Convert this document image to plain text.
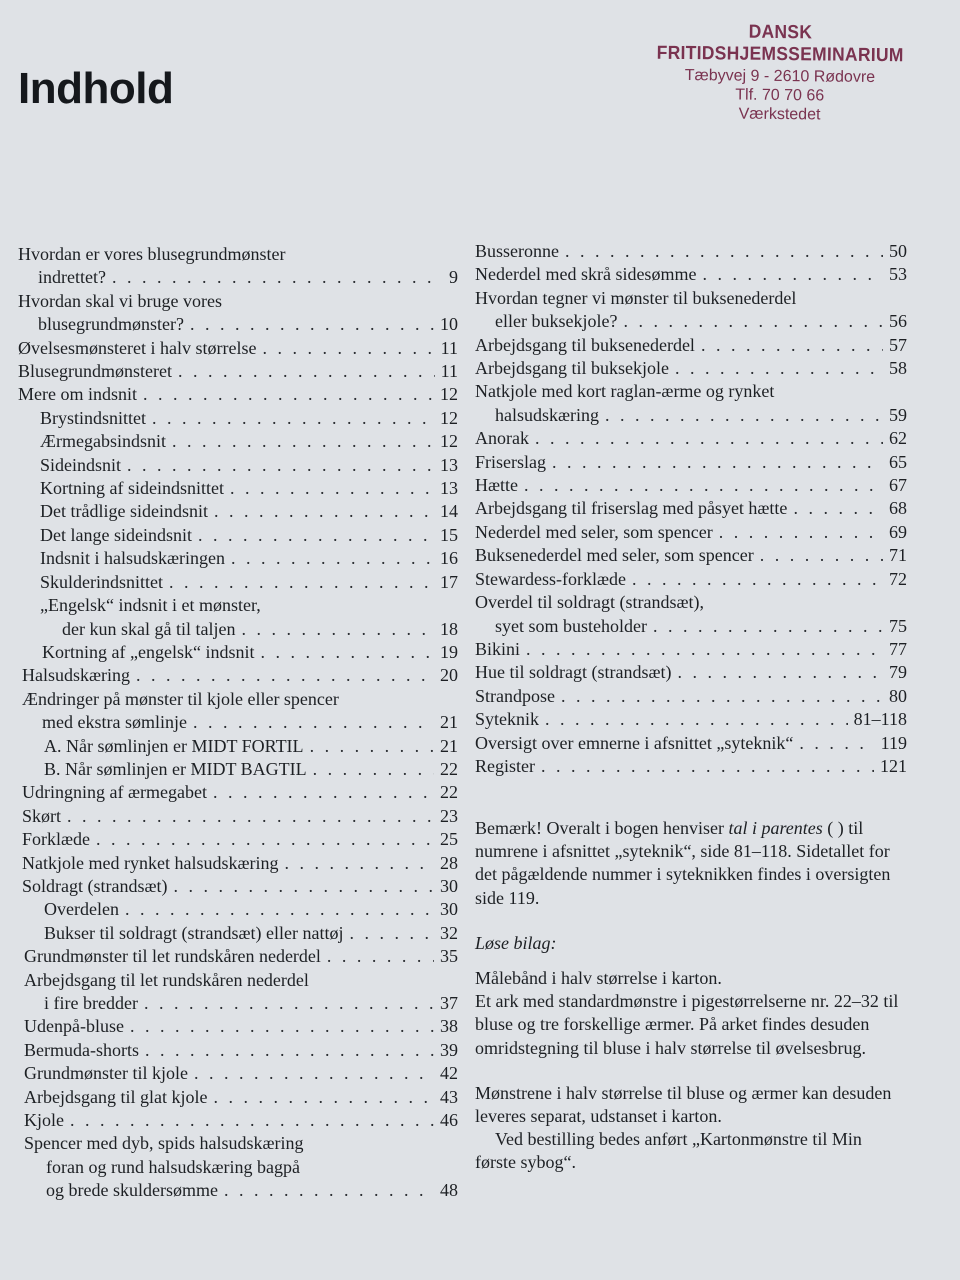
Indhold
DANSK FRITIDSHJEMSSEMINARIUM
Tæbyvej 9 - 2610 Rødovre
Tlf. 70 70 66
Værkstedet
Hvordan er vores blusegrundmønster
indrettet? . . .	9
Hvordan skal vi bruge vores
blusegrundmønster? . . .	10
Øvelsesmønsteret i halv størrelse . . .	11
Blusegrundmønsteret . . .	11
Mere om indsnit . . .	12
Brystindsnittet . . .	12
Ærmegabsindsnit . . .	12
Sideindsnit . . .	13
Kortning af sideindsnittet . . .	13
Det trådlige sideindsnit . . .	14
Det lange sideindsnit . . .	15
Indsnit i halsudskæringen . . .	16
Skulderindsnittet . . .	17
„Engelsk“ indsnit i et mønster,
der kun skal gå til taljen . . .	18
Kortning af „engelsk“ indsnit . . .	19
Halsudskæring . . .	20
Ændringer på mønster til kjole eller spencer
med ekstra sømlinje . . .	21
A. Når sømlinjen er MIDT FORTIL . . .	21
B. Når sømlinjen er MIDT BAGTIL . . .	22
Udringning af ærmegabet . . .	22
Skørt . . .	23
Forklæde . . .	25
Natkjole med rynket halsudskæring . . .	28
Soldragt (strandsæt) . . .	30
Overdelen . . .	30
Bukser til soldragt (strandsæt) eller nattøj . . .	32
Grundmønster til let rundskåren nederdel . . .	35
Arbejdsgang til let rundskåren nederdel
i fire bredder . . .	37
Udenpå-bluse . . .	38
Bermuda-shorts . . .	39
Grundmønster til kjole . . .	42
Arbejdsgang til glat kjole . . .	43
Kjole . . .	46
Spencer med dyb, spids halsudskæring
foran og rund halsudskæring bagpå
og brede skuldersømme . . .	48
Busseronne . . .	50
Nederdel med skrå sidesømme . . .	53
Hvordan tegner vi mønster til buksenederdel
eller buksekjole? . . .	56
Arbejdsgang til buksenederdel . . .	57
Arbejdsgang til buksekjole . . .	58
Natkjole med kort raglan-ærme og rynket
halsudskæring . . .	59
Anorak . . .	62
Friserslag . . .	65
Hætte . . .	67
Arbejdsgang til friserslag med påsyet hætte . . .	68
Nederdel med seler, som spencer . . .	69
Buksenederdel med seler, som spencer . . .	71
Stewardess-forklæde . . .	72
Overdel til soldragt (strandsæt),
syet som busteholder . . .	75
Bikini . . .	77
Hue til soldragt (strandsæt) . . .	79
Strandpose . . .	80
Syteknik . . .	81–118
Oversigt over emnerne i afsnittet „syteknik“ . . .	119
Register . . .	121

Bemærk! Overalt i bogen henviser tal i parentes ( ) til numrene i afsnittet „syteknik“, side 81–118. Sidetallet for det pågældende nummer i syteknikken findes i oversigten side 119.

Løse bilag:

Målebånd i halv størrelse i karton.

Et ark med standardmønstre i pigestørrelserne nr. 22–32 til bluse og tre forskellige ærmer. På arket findes desuden omridstegning til bluse i halv størrelse til øvelsesbrug.

Mønstrene i halv størrelse til bluse og ærmer kan desuden leveres separat, udstanset i karton.

Ved bestilling bedes anført „Kartonmønstre til Min første sybog“.
